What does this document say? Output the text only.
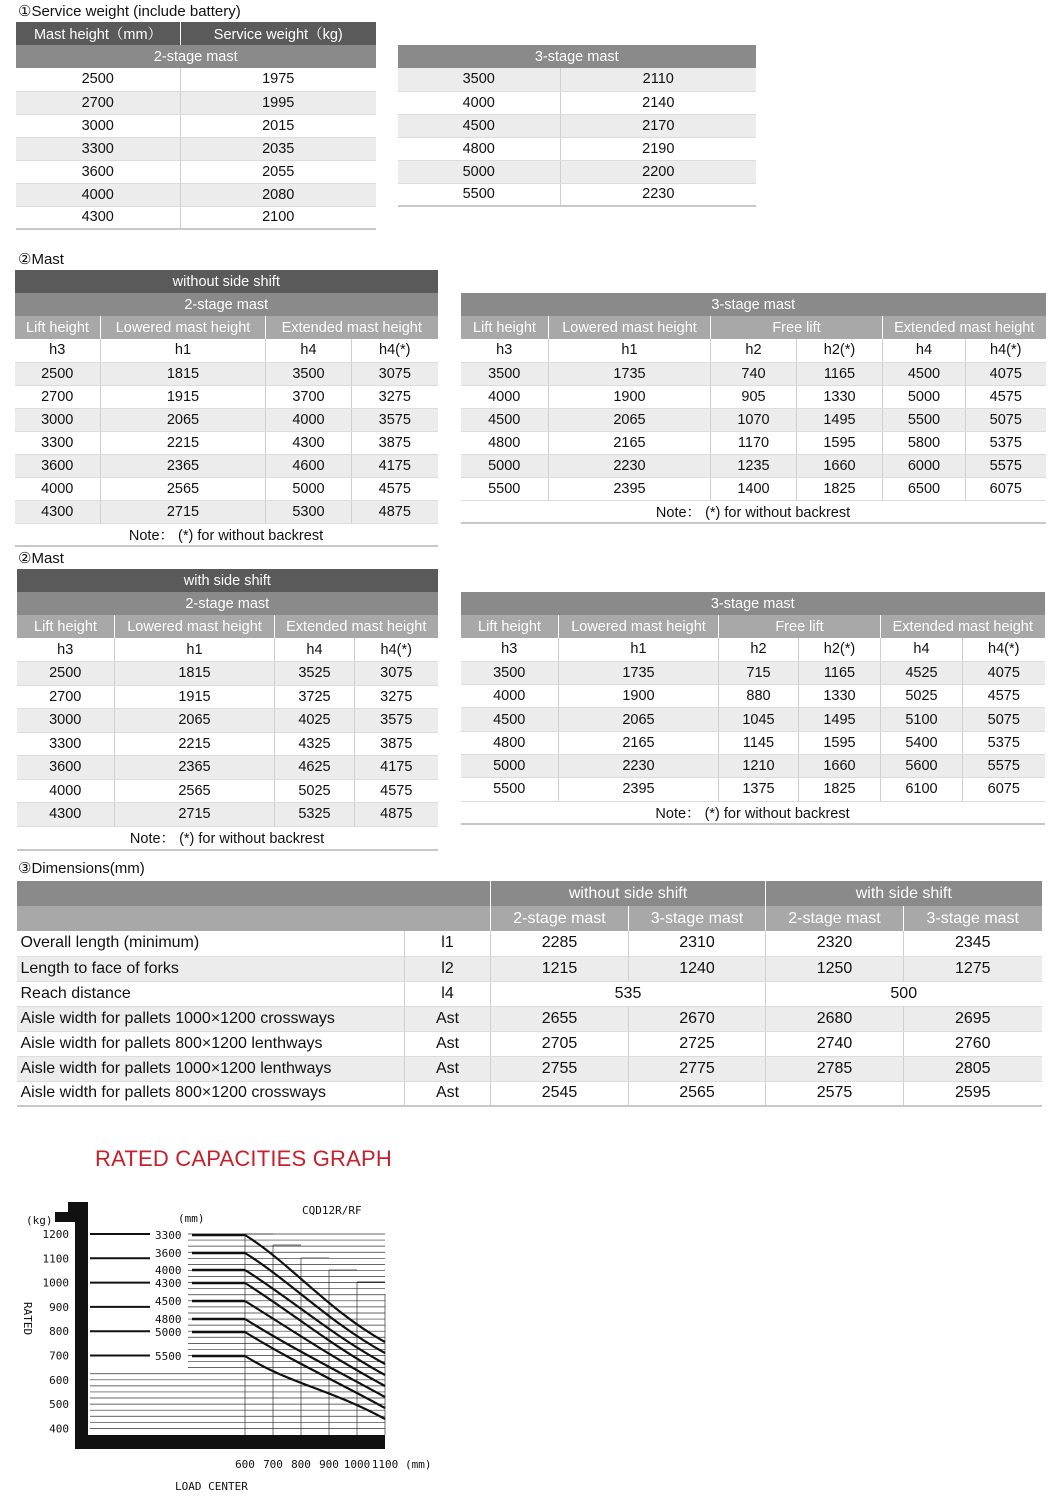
①Service weight (include battery)
Mast height（mm）	Service weight（kg)
2-stage mast	
2500	1975
2700	1995
3000	2015
3300	2035
3600	2055
4000	2080
4300	2100
3-stage mast	
3500	2110
4000	2140
4500	2170
4800	2190
5000	2200
5500	2230
②Mast
without side shift			
2-stage mast			
Lift height	Lowered mast height	Extended mast height	
h3	h1	h4	h4(*)
2500	1815	3500	3075
2700	1915	3700	3275
3000	2065	4000	3575
3300	2215	4300	3875
3600	2365	4600	4175
4000	2565	5000	4575
4300	2715	5300	4875
Note： (*) for without backrest			
3-stage mast					
Lift height	Lowered mast height	Free lift		Extended mast height	
h3	h1	h2	h2(*)	h4	h4(*)
3500	1735	740	1165	4500	4075
4000	1900	905	1330	5000	4575
4500	2065	1070	1495	5500	5075
4800	2165	1170	1595	5800	5375
5000	2230	1235	1660	6000	5575
5500	2395	1400	1825	6500	6075
Note： (*) for without backrest					
②Mast
with side shift			
2-stage mast			
Lift height	Lowered mast height	Extended mast height	
h3	h1	h4	h4(*)
2500	1815	3525	3075
2700	1915	3725	3275
3000	2065	4025	3575
3300	2215	4325	3875
3600	2365	4625	4175
4000	2565	5025	4575
4300	2715	5325	4875
Note： (*) for without backrest			
3-stage mast					
Lift height	Lowered mast height	Free lift		Extended mast height	
h3	h1	h2	h2(*)	h4	h4(*)
3500	1735	715	1165	4525	4075
4000	1900	880	1330	5025	4575
4500	2065	1045	1495	5100	5075
4800	2165	1145	1595	5400	5375
5000	2230	1210	1660	5600	5575
5500	2395	1375	1825	6100	6075
Note： (*) for without backrest					
③Dimensions(mm)
		without side shift		with side shift	
		2-stage mast	3-stage mast	2-stage mast	3-stage mast
Overall length (minimum)	l1	2285	2310	2320	2345
Length to face of forks	l2	1215	1240	1250	1275
Reach distance	l4	535		500	
Aisle width for pallets 1000×1200 crossways	Ast	2655	2670	2680	2695
Aisle width for pallets 800×1200 lenthways	Ast	2705	2725	2740	2760
Aisle width for pallets 1000×1200 lenthways	Ast	2755	2775	2785	2805
Aisle width for pallets 800×1200 crossways	Ast	2545	2565	2575	2595
RATED CAPACITIES GRAPH
(kg)
1200
1100
1000
900
800
700
600
500
400
RATED
(mm)
CQD12R/RF
3300
3600
4000
4300
4500
4800
5000
5500
600 700 800 900 1000 1100 (mm)
LOAD CENTER
